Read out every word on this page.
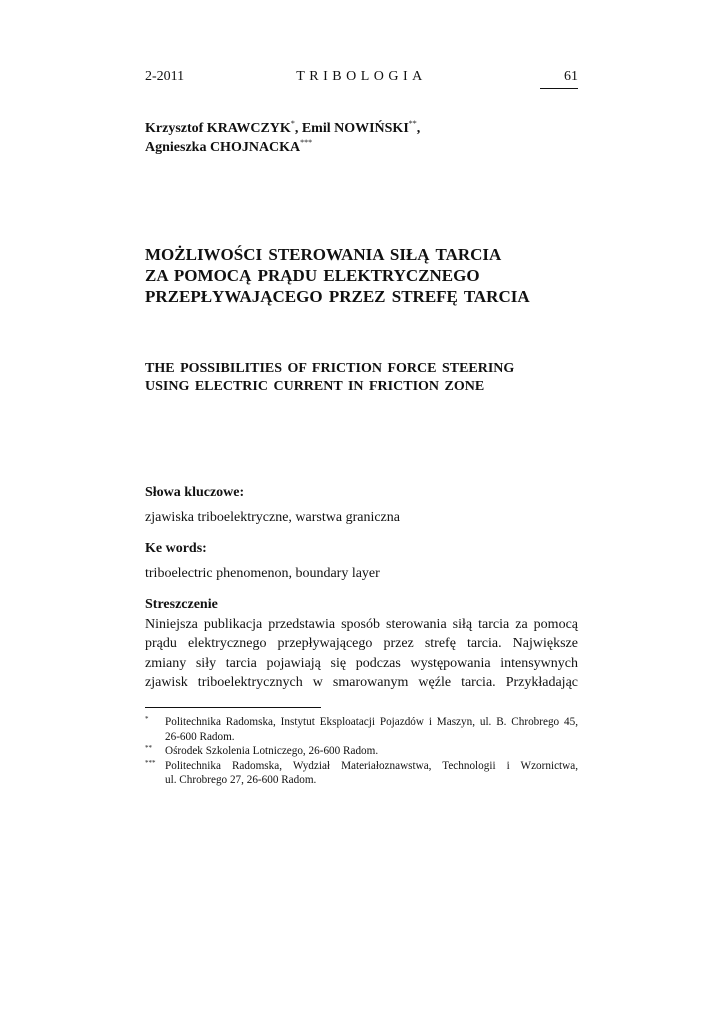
2-2011	TRIBOLOGIA	61
Krzysztof KRAWCZYK*, Emil NOWIŃSKI**,
Agnieszka CHOJNACKA***
MOŻLIWOŚCI STEROWANIA SIŁĄ TARCIA
ZA POMOCĄ PRĄDU ELEKTRYCZNEGO
PRZEPŁYWAJĄCEGO PRZEZ STREFĘ TARCIA
THE POSSIBILITIES OF FRICTION FORCE STEERING
USING ELECTRIC CURRENT IN FRICTION ZONE
Słowa kluczowe:
zjawiska triboelektryczne, warstwa graniczna
Ke words:
triboelectric phenomenon, boundary layer
Streszczenie
Niniejsza publikacja przedstawia sposób sterowania siłą tarcia za pomocą
prądu elektrycznego przepływającego przez strefę tarcia. Największe
zmiany siły tarcia pojawiają się podczas występowania intensywnych
zjawisk triboelektrycznych w smarowanym węźle tarcia. Przykładając
* Politechnika Radomska, Instytut Eksploatacji Pojazdów i Maszyn, ul. B. Chrobrego 45,
26-600 Radom.
** Ośrodek Szkolenia Lotniczego, 26-600 Radom.
*** Politechnika Radomska, Wydział Materiałoznawstwa, Technologii i Wzornictwa,
ul. Chrobrego 27, 26-600 Radom.
